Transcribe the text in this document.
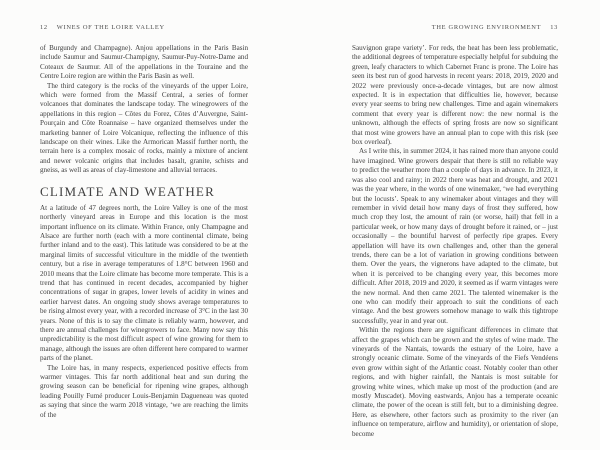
12 WINES OF THE LOIRE VALLEY

of Burgundy and Champagne). Anjou appellations in the Paris Basin include Saumur and Saumur-Champigny, Saumur-Puy-Notre-Dame and Coteaux de Saumur. All of the appellations in the Touraine and the Centre Loire region are within the Paris Basin as well.

The third category is the rocks of the vineyards of the upper Loire, which were formed from the Massif Central, a series of former volcanoes that dominates the landscape today. The winegrowers of the appellations in this region – Côtes du Forez, Côtes d’Auvergne, Saint-Pourçain and Côte Roannaise – have organized themselves under the marketing banner of Loire Volcanique, reflecting the influence of this landscape on their wines. Like the Armorican Massif further north, the terrain here is a complex mosaic of rocks, mainly a mixture of ancient and newer volcanic origins that includes basalt, granite, schists and gneiss, as well as areas of clay-limestone and alluvial terraces.

CLIMATE AND WEATHER

At a latitude of 47 degrees north, the Loire Valley is one of the most northerly vineyard areas in Europe and this location is the most important influence on its climate. Within France, only Champagne and Alsace are further north (each with a more continental climate, being further inland and to the east). This latitude was considered to be at the marginal limits of successful viticulture in the middle of the twentieth century, but a rise in average temperatures of 1.8°C between 1960 and 2010 means that the Loire climate has become more temperate. This is a trend that has continued in recent decades, accompanied by higher concentrations of sugar in grapes, lower levels of acidity in wines and earlier harvest dates. An ongoing study shows average temperatures to be rising almost every year, with a recorded increase of 3°C in the last 30 years. None of this is to say the climate is reliably warm, however, and there are annual challenges for winegrowers to face. Many now say this unpredictability is the most difficult aspect of wine growing for them to manage, although the issues are often different here compared to warmer parts of the planet.

The Loire has, in many respects, experienced positive effects from warmer vintages. This far north additional heat and sun during the growing season can be beneficial for ripening wine grapes, although leading Pouilly Fumé producer Louis-Benjamin Dagueneau was quoted as saying that since the warm 2018 vintage, ‘we are reaching the limits of the

THE GROWING ENVIRONMENT 13

Sauvignon grape variety’. For reds, the heat has been less problematic, the additional degrees of temperature especially helpful for subduing the green, leafy characters to which Cabernet Franc is prone. The Loire has seen its best run of good harvests in recent years: 2018, 2019, 2020 and 2022 were previously once-a-decade vintages, but are now almost expected. It is in expectation that difficulties lie, however, because every year seems to bring new challenges. Time and again winemakers comment that every year is different now: the new normal is the unknown, although the effects of spring frosts are now so significant that most wine growers have an annual plan to cope with this risk (see box overleaf).

As I write this, in summer 2024, it has rained more than anyone could have imagined. Wine growers despair that there is still no reliable way to predict the weather more than a couple of days in advance. In 2023, it was also cool and rainy; in 2022 there was heat and drought, and 2021 was the year where, in the words of one winemaker, ‘we had everything but the locusts’. Speak to any winemaker about vintages and they will remember in vivid detail how many days of frost they suffered, how much crop they lost, the amount of rain (or worse, hail) that fell in a particular week, or how many days of drought before it rained, or – just occasionally – the bountiful harvest of perfectly ripe grapes. Every appellation will have its own challenges and, other than the general trends, there can be a lot of variation in growing conditions between them. Over the years, the vignerons have adapted to the climate, but when it is perceived to be changing every year, this becomes more difficult. After 2018, 2019 and 2020, it seemed as if warm vintages were the new normal. And then came 2021. The talented winemaker is the one who can modify their approach to suit the conditions of each vintage. And the best growers somehow manage to walk this tightrope successfully, year in and year out.

Within the regions there are significant differences in climate that affect the grapes which can be grown and the styles of wine made. The vineyards of the Nantais, towards the estuary of the Loire, have a strongly oceanic climate. Some of the vineyards of the Fiefs Vendéens even grow within sight of the Atlantic coast. Notably cooler than other regions, and with higher rainfall, the Nantais is most suitable for growing white wines, which make up most of the production (and are mostly Muscadet). Moving eastwards, Anjou has a temperate oceanic climate, the power of the ocean is still felt, but to a diminishing degree. Here, as elsewhere, other factors such as proximity to the river (an influence on temperature, airflow and humidity), or orientation of slope, become
